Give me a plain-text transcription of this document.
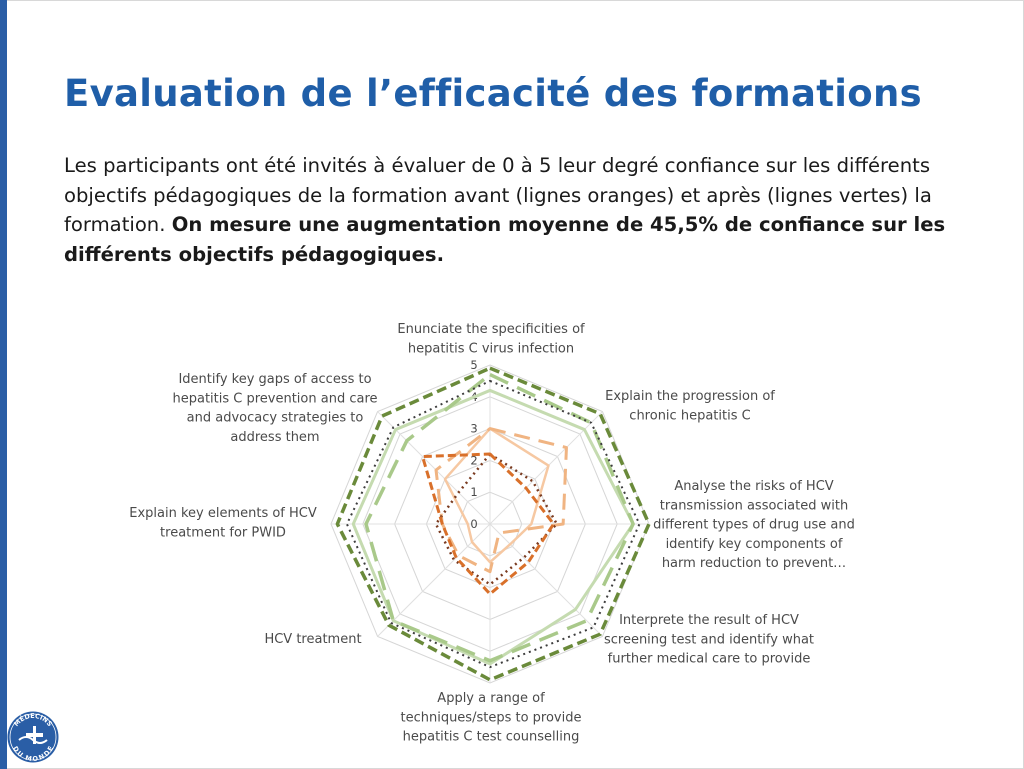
Evaluation de l’efficacité des formations

Les participants ont été invités à évaluer de 0 à 5 leur degré confiance sur les différents objectifs pédagogiques de la formation avant (lignes oranges) et après (lignes vertes) la formation. On mesure une augmentation moyenne de 45,5% de confiance sur les différents objectifs pédagogiques.

0
1
2
3
4
5
Enunciate the specificities of
hepatitis C virus infection
Explain the progression of
chronic hepatitis C
Analyse the risks of HCV
transmission associated with
different types of drug use and
identify key components of
harm reduction to prevent…
Interprete the result of HCV
screening test and identify what
further medical care to provide
Apply a range of
techniques/steps to provide
hepatitis C test counselling
HCV treatment
Explain key elements of HCV
treatment for PWID
Identify key gaps of access to
hepatitis C prevention and care
and advocacy strategies to
address them
MÉDECINS
DU MONDE
